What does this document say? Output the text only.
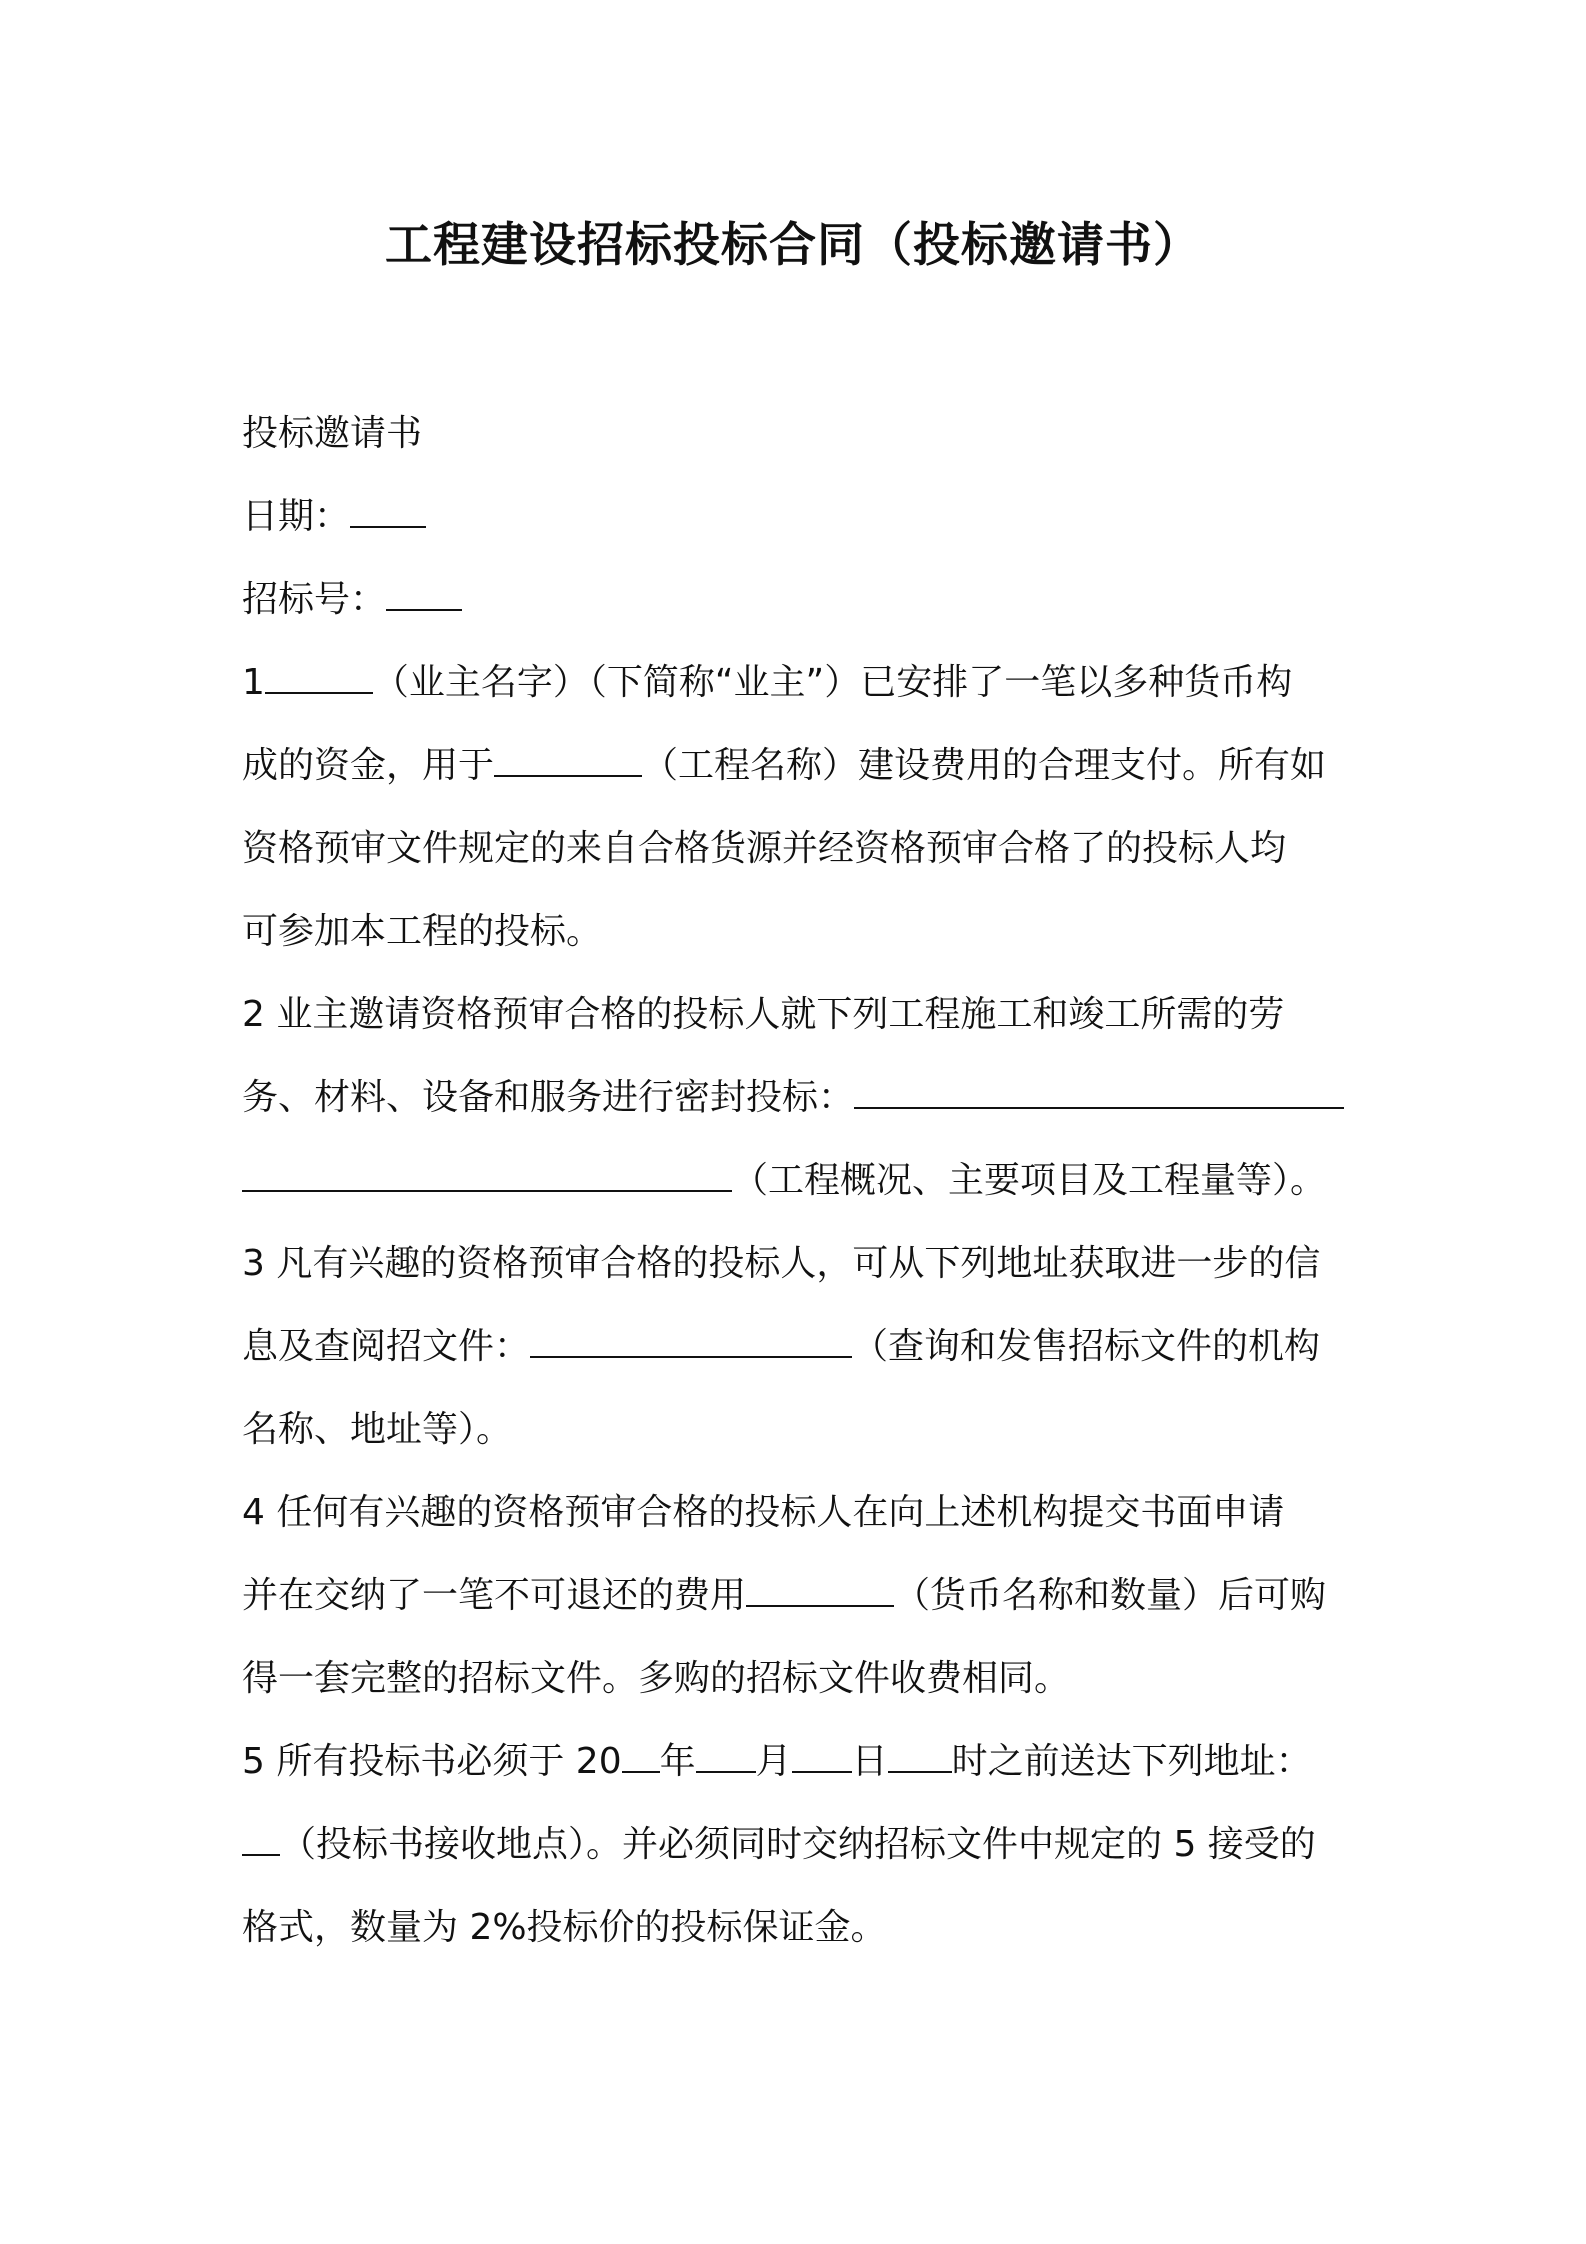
工程建设招标投标合同（投标邀请书）

投标邀请书

日期：

招标号：

1	（业主名字）（下简称“业主”）已安排了一笔以多种货币构

成的资金，用于	（工程名称）建设费用的合理支付。所有如

资格预审文件规定的来自合格货源并经资格预审合格了的投标人均

可参加本工程的投标。

2 业主邀请资格预审合格的投标人就下列工程施工和竣工所需的劳

务、材料、设备和服务进行密封投标：

（工程概况、主要项目及工程量等）。

3 凡有兴趣的资格预审合格的投标人，可从下列地址获取进一步的信

息及查阅招文件：	（查询和发售招标文件的机构

名称、地址等）。

4 任何有兴趣的资格预审合格的投标人在向上述机构提交书面申请

并在交纳了一笔不可退还的费用	（货币名称和数量）后可购

得一套完整的招标文件。多购的招标文件收费相同。

5 所有投标书必须于 20 年 月 日 时之前送达下列地址：

（投标书接收地点）。并必须同时交纳招标文件中规定的 5 接受的

格式，数量为 2%投标价的投标保证金。
